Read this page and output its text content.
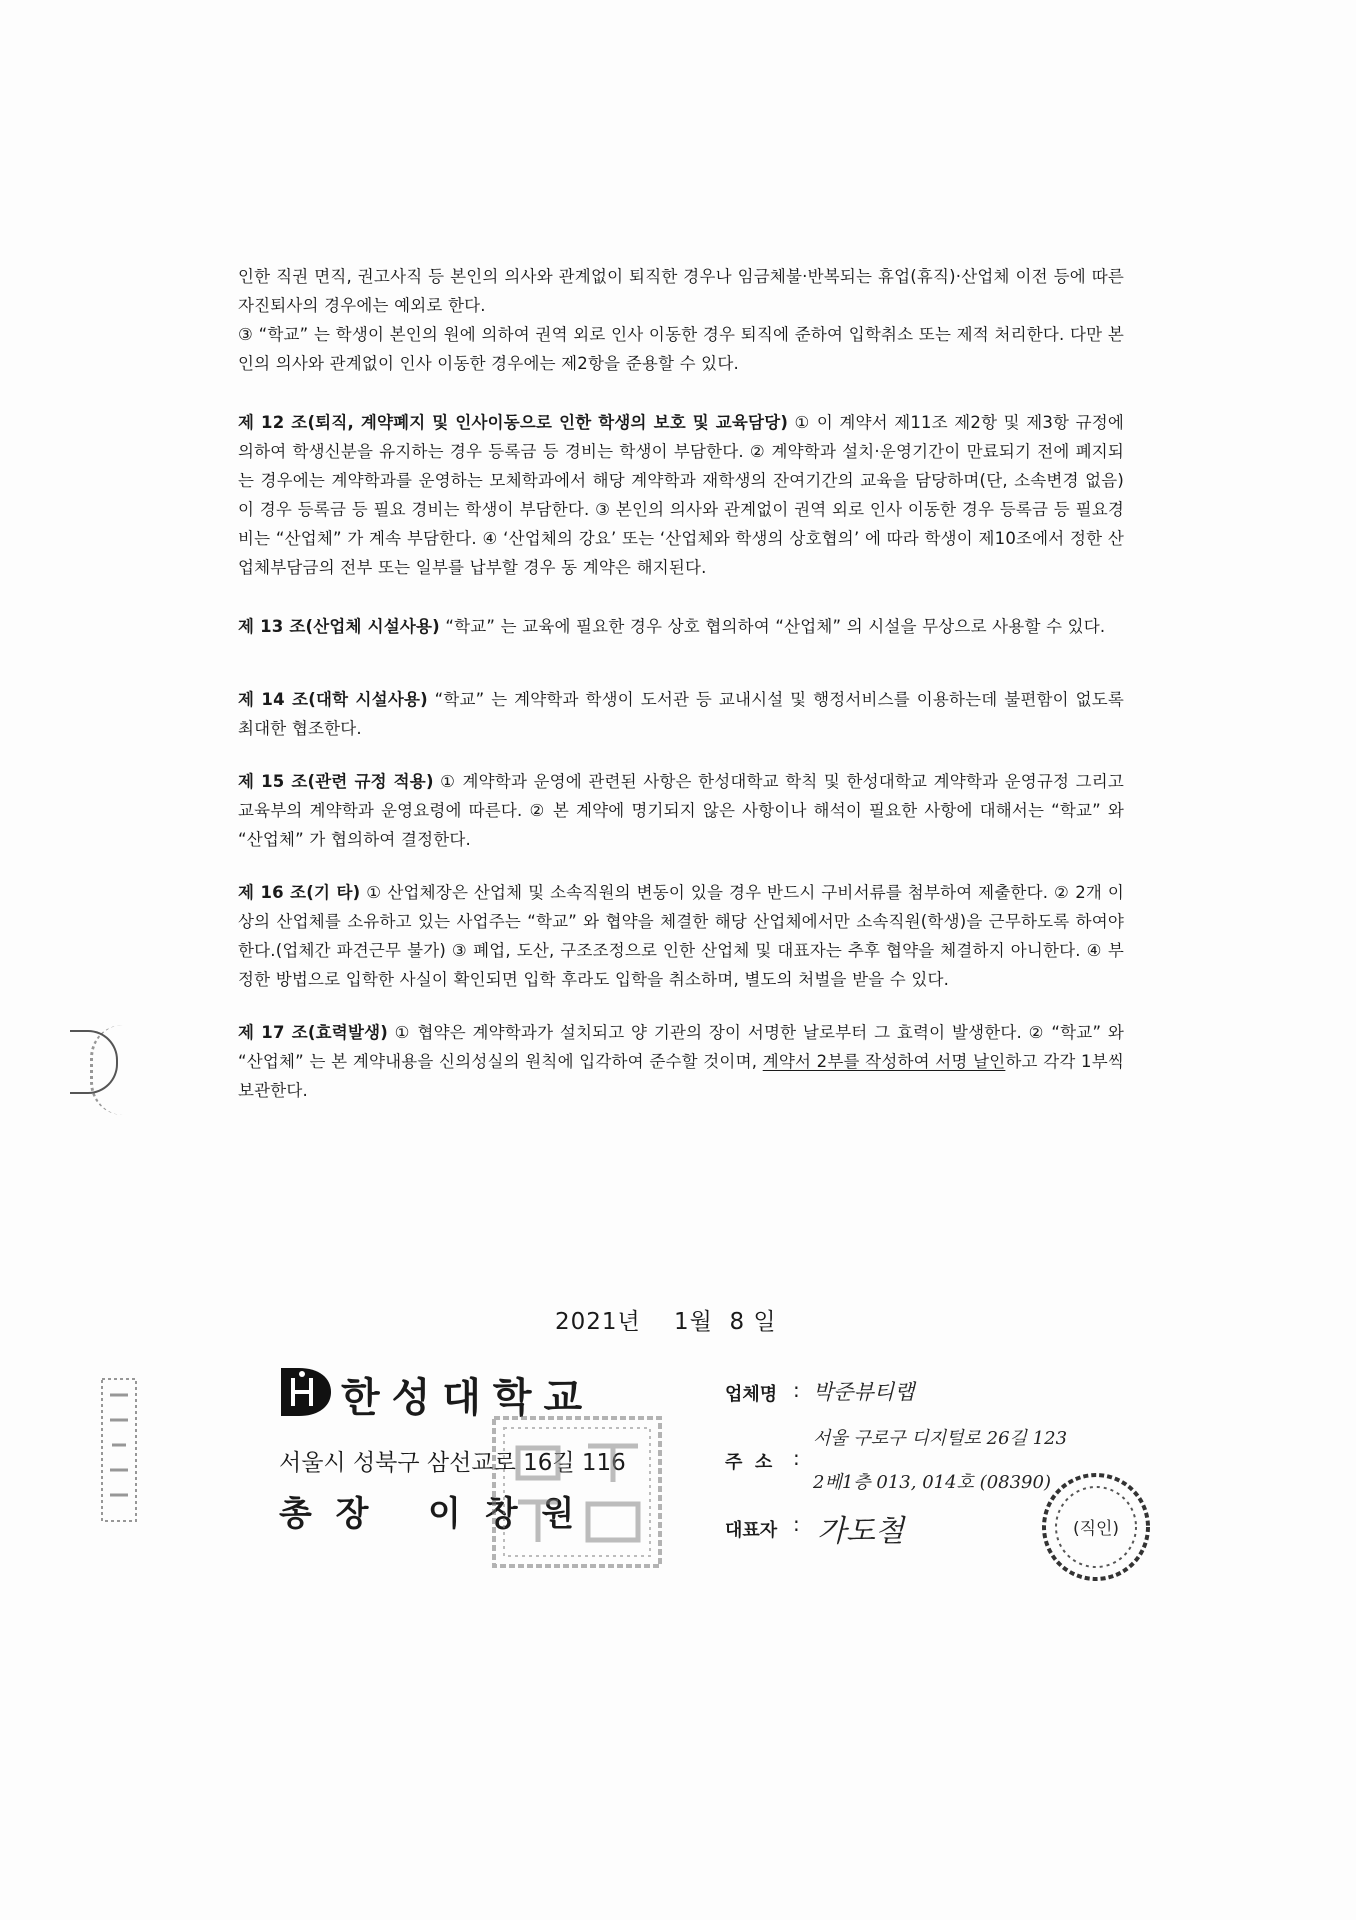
인한 직권 면직, 권고사직 등 본인의 의사와 관계없이 퇴직한 경우나 임금체불·반복되는 휴업(휴직)·산업체 이전 등에 따른 자진퇴사의 경우에는 예외로 한다.

③ “학교” 는 학생이 본인의 원에 의하여 권역 외로 인사 이동한 경우 퇴직에 준하여 입학취소 또는 제적 처리한다. 다만 본인의 의사와 관계없이 인사 이동한 경우에는 제2항을 준용할 수 있다.

제 12 조(퇴직, 계약폐지 및 인사이동으로 인한 학생의 보호 및 교육담당) ① 이 계약서 제11조 제2항 및 제3항 규정에 의하여 학생신분을 유지하는 경우 등록금 등 경비는 학생이 부담한다. ② 계약학과 설치·운영기간이 만료되기 전에 폐지되는 경우에는 계약학과를 운영하는 모체학과에서 해당 계약학과 재학생의 잔여기간의 교육을 담당하며(단, 소속변경 없음) 이 경우 등록금 등 필요 경비는 학생이 부담한다. ③ 본인의 의사와 관계없이 권역 외로 인사 이동한 경우 등록금 등 필요경비는 “산업체” 가 계속 부담한다. ④ ‘산업체의 강요’ 또는 ‘산업체와 학생의 상호협의’ 에 따라 학생이 제10조에서 정한 산업체부담금의 전부 또는 일부를 납부할 경우 동 계약은 해지된다.

제 13 조(산업체 시설사용) “학교” 는 교육에 필요한 경우 상호 협의하여 “산업체” 의 시설을 무상으로 사용할 수 있다.

제 14 조(대학 시설사용) “학교” 는 계약학과 학생이 도서관 등 교내시설 및 행정서비스를 이용하는데 불편함이 없도록 최대한 협조한다.

제 15 조(관련 규정 적용) ① 계약학과 운영에 관련된 사항은 한성대학교 학칙 및 한성대학교 계약학과 운영규정 그리고 교육부의 계약학과 운영요령에 따른다. ② 본 계약에 명기되지 않은 사항이나 해석이 필요한 사항에 대해서는 “학교” 와 “산업체” 가 협의하여 결정한다.

제 16 조(기 타) ① 산업체장은 산업체 및 소속직원의 변동이 있을 경우 반드시 구비서류를 첨부하여 제출한다. ② 2개 이상의 산업체를 소유하고 있는 사업주는 “학교” 와 협약을 체결한 해당 산업체에서만 소속직원(학생)을 근무하도록 하여야 한다.(업체간 파견근무 불가) ③ 폐업, 도산, 구조조정으로 인한 산업체 및 대표자는 추후 협약을 체결하지 아니한다. ④ 부정한 방법으로 입학한 사실이 확인되면 입학 후라도 입학을 취소하며, 별도의 처벌을 받을 수 있다.

제 17 조(효력발생) ① 협약은 계약학과가 설치되고 양 기관의 장이 서명한 날로부터 그 효력이 발생한다. ② “학교” 와 “산업체” 는 본 계약내용을 신의성실의 원칙에 입각하여 준수할 것이며, 계약서 2부를 작성하여 서명 날인하고 각각 1부씩 보관한다.

2021년    1월  8 일
한성대학교
서울시 성북구 삼선교로 16길 116
총 장   이 창 원
업체명 : 박준뷰티랩
주  소 :
서울 구로구 디지털로 26길 123
2베1층 013, 014호 (08390)
대표자 : 가도철	(직인)
